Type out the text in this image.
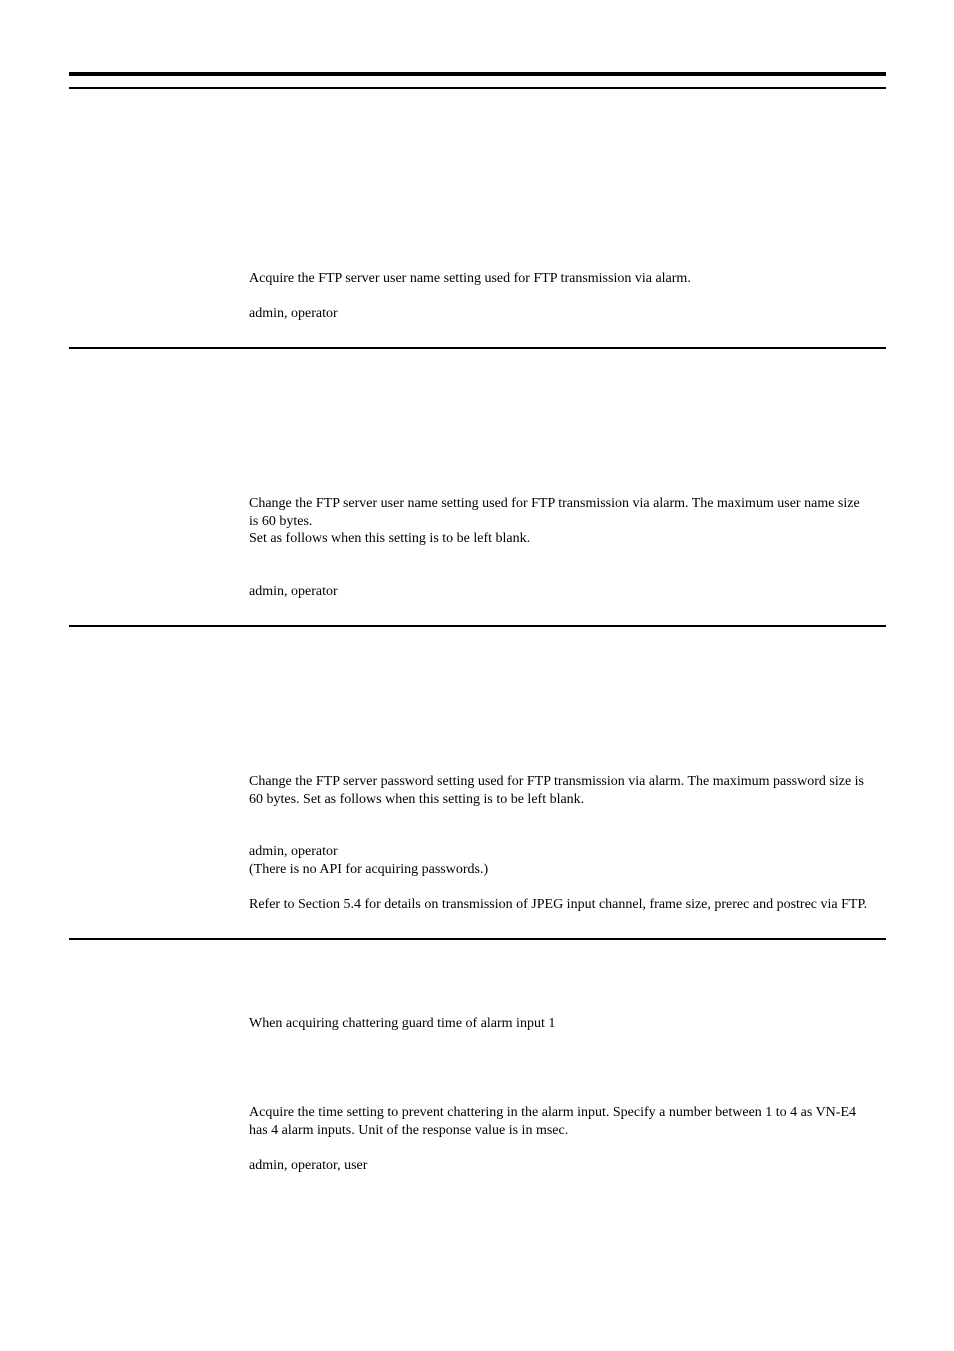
Acquire the FTP server user name setting used for FTP transmission via alarm.
admin, operator
Change the FTP server user name setting used for FTP transmission via alarm. The maximum user name size
is 60 bytes.
Set as follows when this setting is to be left blank.
admin, operator
Change the FTP server password setting used for FTP transmission via alarm. The maximum password size is
60 bytes. Set as follows when this setting is to be left blank.
admin, operator
(There is no API for acquiring passwords.)
Refer to Section 5.4 for details on transmission of JPEG input channel, frame size, prerec and postrec via FTP.
When acquiring chattering guard time of alarm input 1
Acquire the time setting to prevent chattering in the alarm input. Specify a number between 1 to 4 as VN-E4
has 4 alarm inputs. Unit of the response value is in msec.
admin, operator, user
